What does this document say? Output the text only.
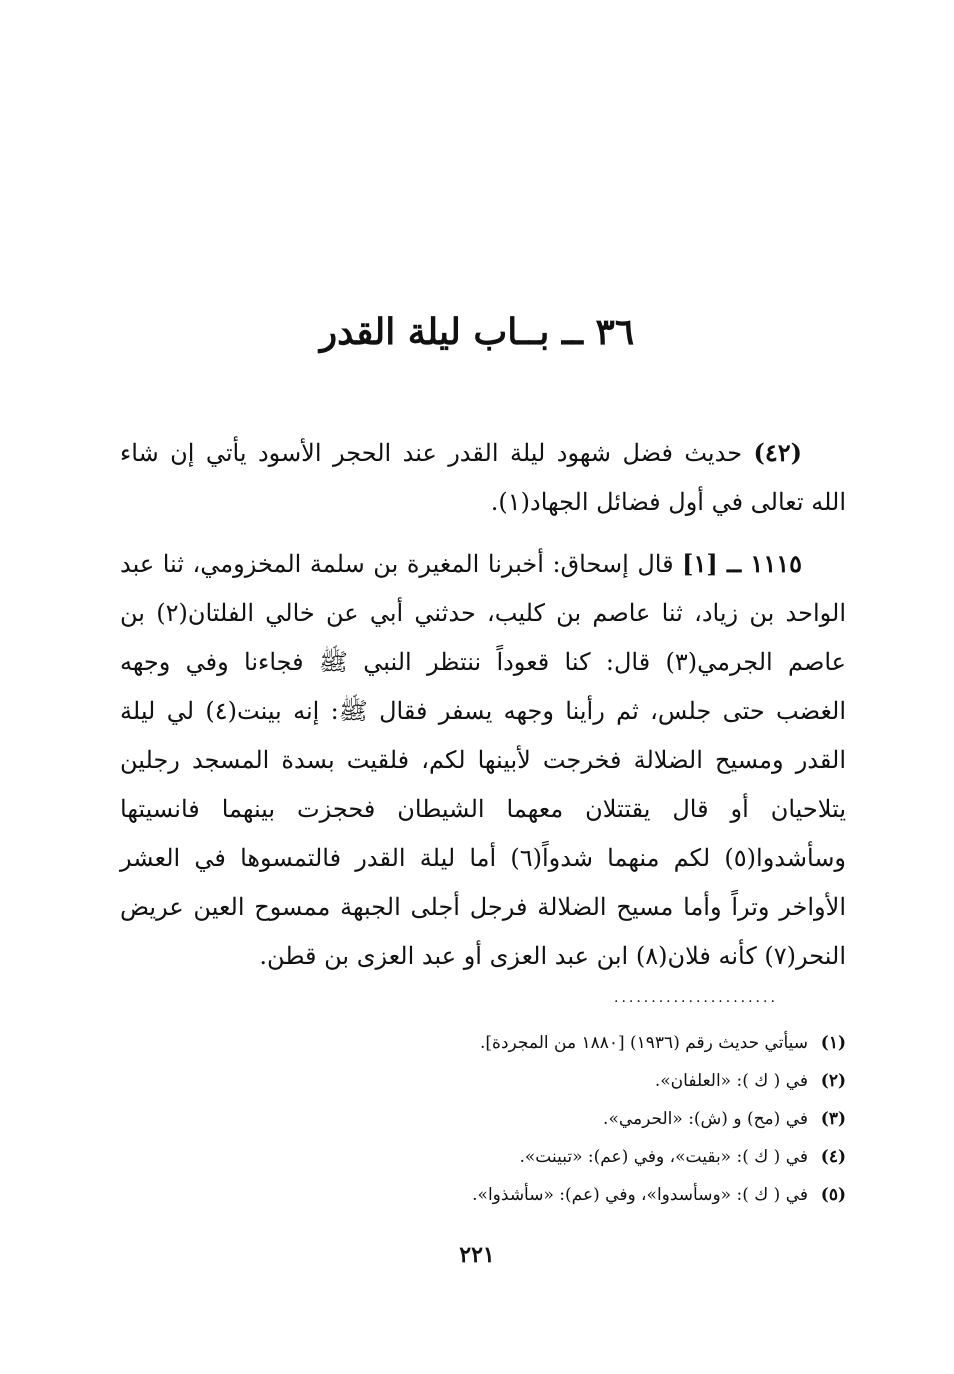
٣٦ ــ بــاب ليلة القدر

(٤٢) حديث فضل شهود ليلة القدر عند الحجر الأسود يأتي إن شاء الله تعالى في أول فضائل الجهاد(١).

١١١٥ ــ [١] قال إسحاق: أخبرنا المغيرة بن سلمة المخزومي، ثنا عبد الواحد بن زياد، ثنا عاصم بن كليب، حدثني أبي عن خالي الفلتان(٢) بن عاصم الجرمي(٣) قال: كنا قعوداً ننتظر النبي ﷺ فجاءنا وفي وجهه الغضب حتى جلس، ثم رأينا وجهه يسفر فقال ﷺ: إنه بينت(٤) لي ليلة القدر ومسيح الضلالة فخرجت لأبينها لكم، فلقيت بسدة المسجد رجلين يتلاحيان أو قال يقتتلان معهما الشيطان فحجزت بينهما فانسيتها وسأشدوا(٥) لكم منهما شدواً(٦) أما ليلة القدر فالتمسوها في العشر الأواخر وتراً وأما مسيح الضلالة فرجل أجلى الجبهة ممسوح العين عريض النحر(٧) كأنه فلان(٨) ابن عبد العزى أو عبد العزى بن قطن.

......................
(١)
سيأتي حديث رقم (١٩٣٦) [١٨٨٠ من المجردة].
(٢)
في ( ك ): «العلفان».
(٣)
في (مح) و (ش): «الحرمي».
(٤)
في ( ك ): «بقيت»، وفي (عم): «تبينت».
(٥)
في ( ك ): «وسأسدوا»، وفي (عم): «سأشذوا».
٢٢١
